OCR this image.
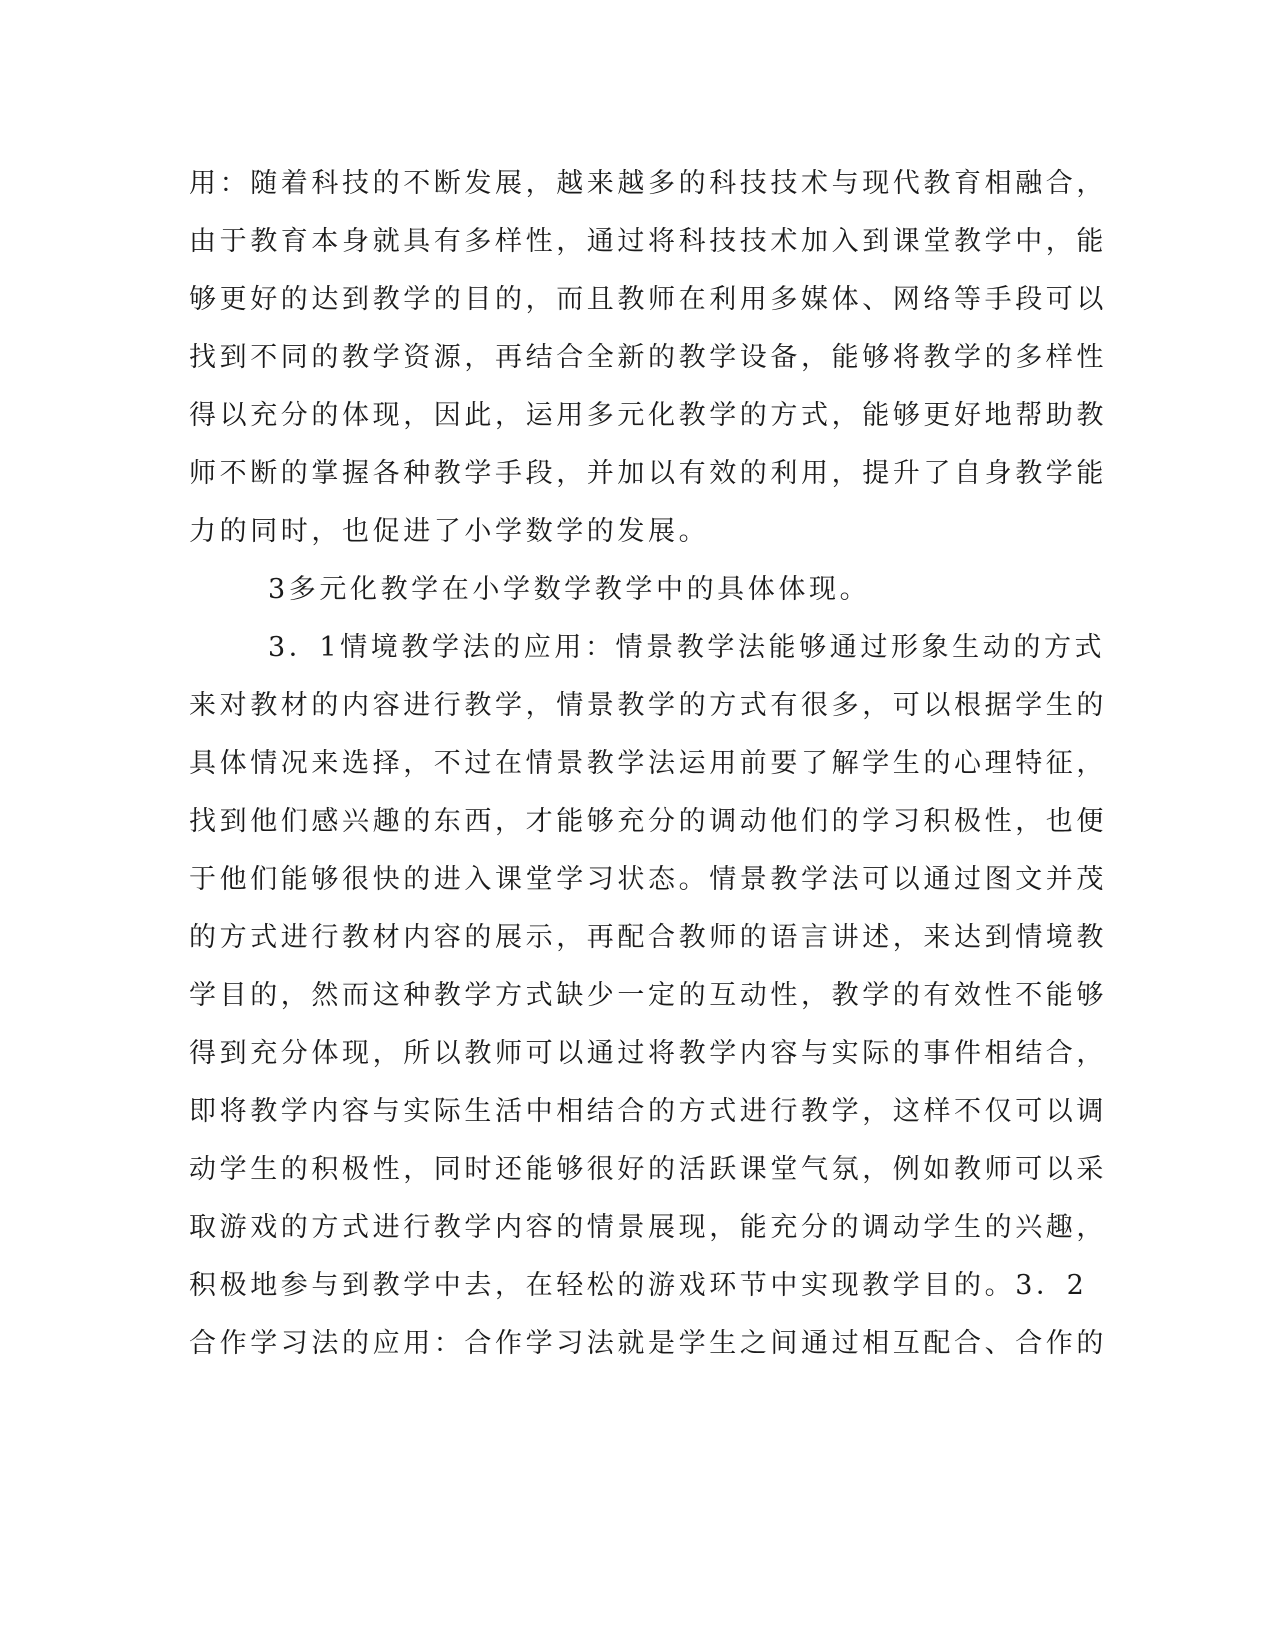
用：随着科技的不断发展，越来越多的科技技术与现代教育相融合，
由于教育本身就具有多样性，通过将科技技术加入到课堂教学中，能
够更好的达到教学的目的，而且教师在利用多媒体、网络等手段可以
找到不同的教学资源，再结合全新的教学设备，能够将教学的多样性
得以充分的体现，因此，运用多元化教学的方式，能够更好地帮助教
师不断的掌握各种教学手段，并加以有效的利用，提升了自身教学能
力的同时，也促进了小学数学的发展。
3多元化教学在小学数学教学中的具体体现。
3．1情境教学法的应用：情景教学法能够通过形象生动的方式
来对教材的内容进行教学，情景教学的方式有很多，可以根据学生的
具体情况来选择，不过在情景教学法运用前要了解学生的心理特征，
找到他们感兴趣的东西，才能够充分的调动他们的学习积极性，也便
于他们能够很快的进入课堂学习状态。情景教学法可以通过图文并茂
的方式进行教材内容的展示，再配合教师的语言讲述，来达到情境教
学目的，然而这种教学方式缺少一定的互动性，教学的有效性不能够
得到充分体现，所以教师可以通过将教学内容与实际的事件相结合，
即将教学内容与实际生活中相结合的方式进行教学，这样不仅可以调
动学生的积极性，同时还能够很好的活跃课堂气氛，例如教师可以采
取游戏的方式进行教学内容的情景展现，能充分的调动学生的兴趣，
积极地参与到教学中去，在轻松的游戏环节中实现教学目的。3．2
合作学习法的应用：合作学习法就是学生之间通过相互配合、合作的
